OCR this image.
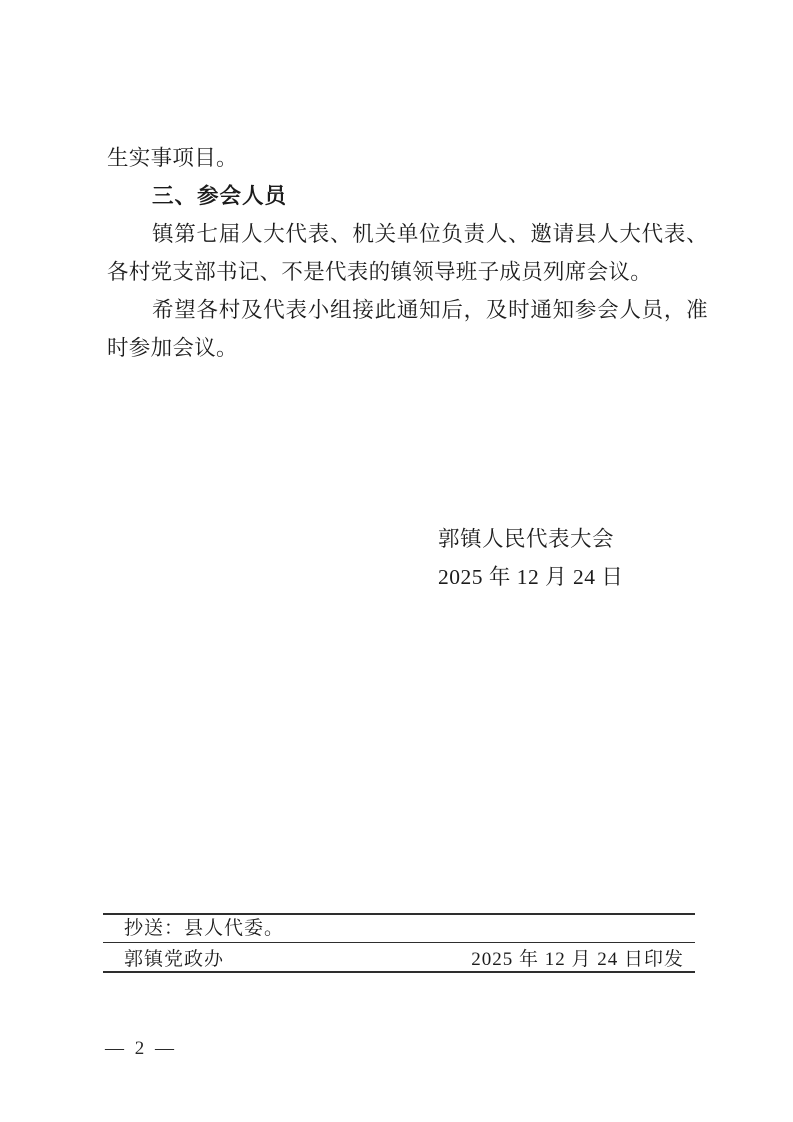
生实事项目。

三、参会人员

镇第七届人大代表、机关单位负责人、邀请县人大代表、各村党支部书记、不是代表的镇领导班子成员列席会议。

希望各村及代表小组接此通知后，及时通知参会人员，准时参加会议。

郭镇人民代表大会
2025 年 12 月 24 日
抄送：县人代委。
郭镇党政办	2025 年 12 月 24 日印发
— 2 —
